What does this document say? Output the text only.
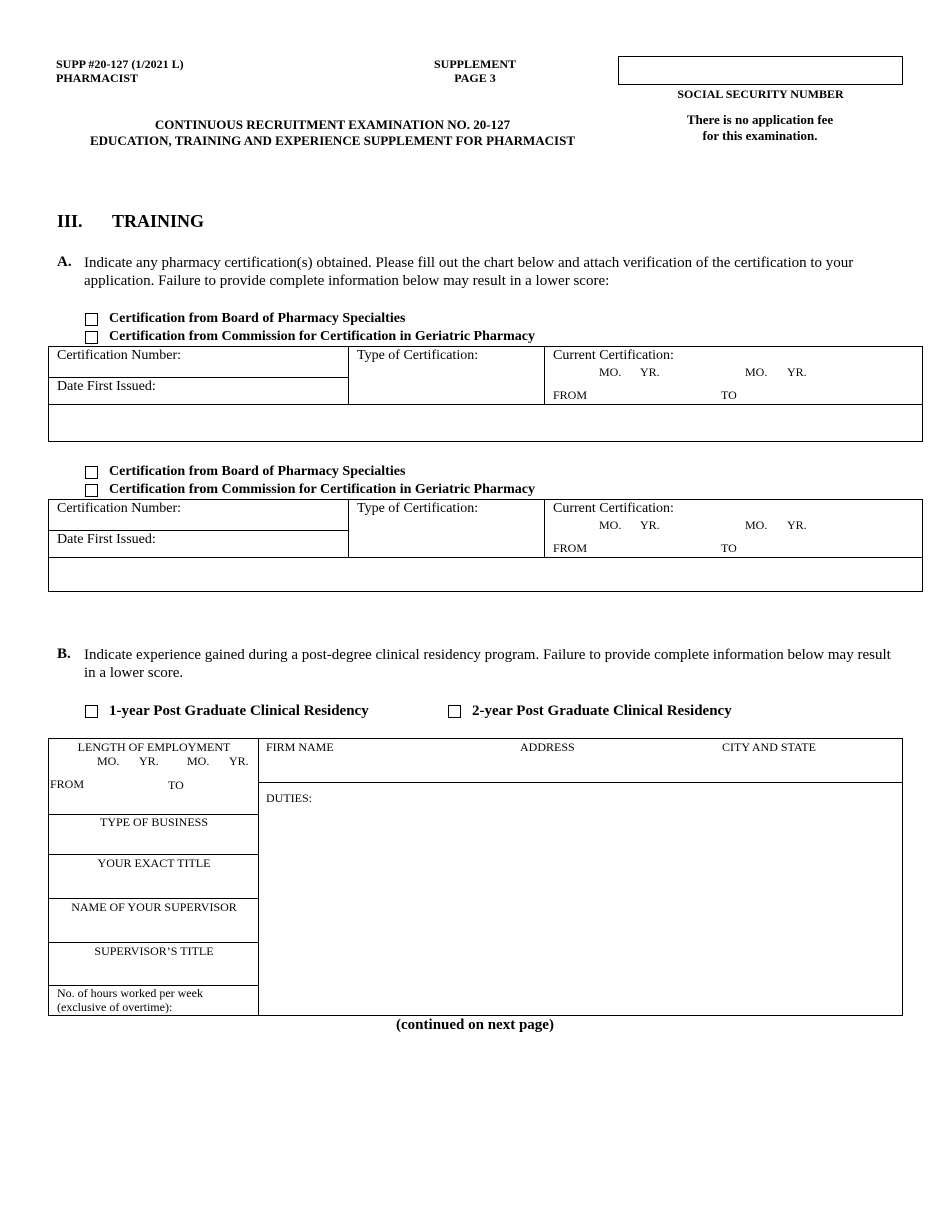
SUPP #20-127 (1/2021 L)
PHARMACIST
SUPPLEMENT
PAGE 3
SOCIAL SECURITY NUMBER
CONTINUOUS RECRUITMENT EXAMINATION NO. 20-127
EDUCATION, TRAINING AND EXPERIENCE SUPPLEMENT FOR PHARMACIST
There is no application fee
for this examination.
III. TRAINING
A. Indicate any pharmacy certification(s) obtained. Please fill out the chart below and attach verification of the certification to your application. Failure to provide complete information below may result in a lower score:
Certification from Board of Pharmacy Specialties
Certification from Commission for Certification in Geriatric Pharmacy
Certification Number:
Date First Issued:
Type of Certification:	Current Certification:
MO. YR.	MO. YR.
FROM	TO
Certification from Board of Pharmacy Specialties
Certification from Commission for Certification in Geriatric Pharmacy
Certification Number:
Date First Issued:
Type of Certification:	Current Certification:
MO. YR.	MO. YR.
FROM	TO
B. Indicate experience gained during a post-degree clinical residency program. Failure to provide complete information below may result in a lower score.
1-year Post Graduate Clinical Residency	2-year Post Graduate Clinical Residency
LENGTH OF EMPLOYMENT
MO. YR. MO. YR.
FROM	TO
TYPE OF BUSINESS
YOUR EXACT TITLE
NAME OF YOUR SUPERVISOR
SUPERVISOR’S TITLE
No. of hours worked per week
(exclusive of overtime):
FIRM NAME	ADDRESS	CITY AND STATE
DUTIES:
(continued on next page)
